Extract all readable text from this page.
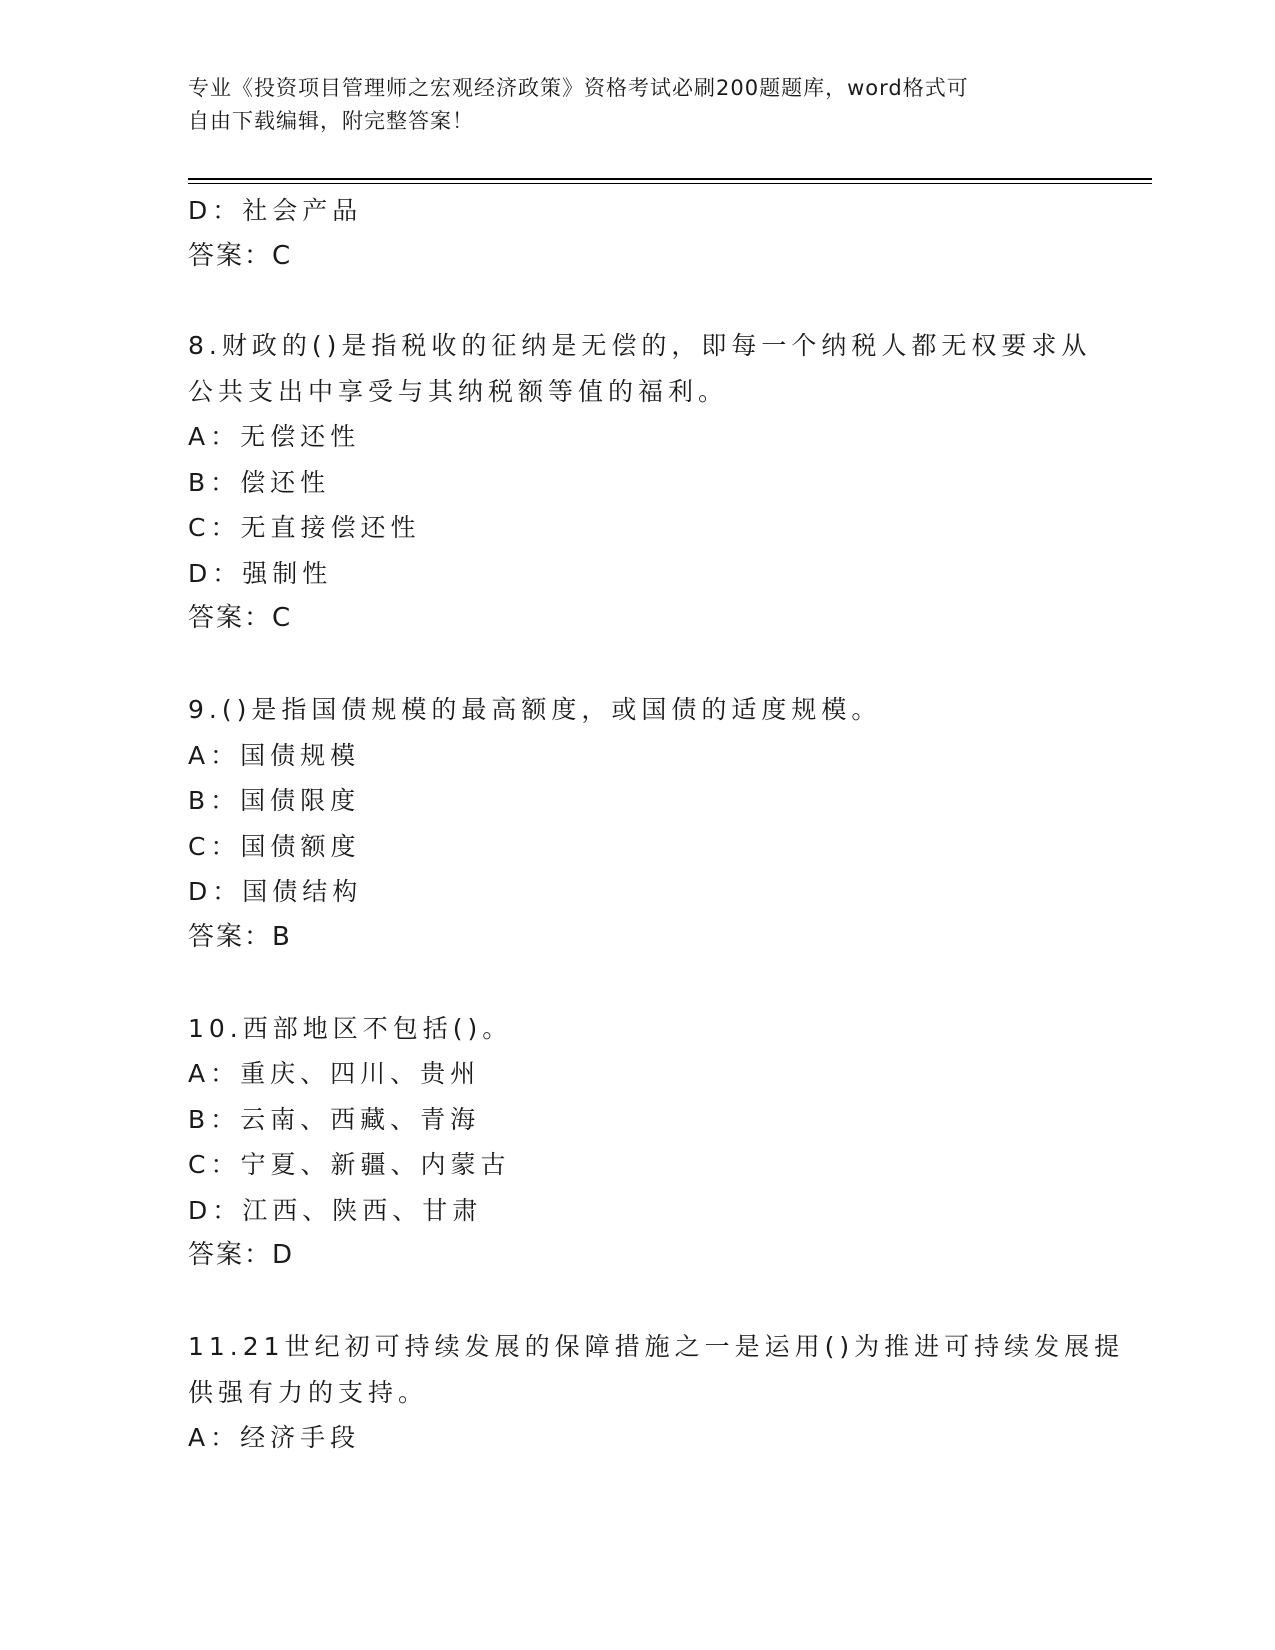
专业《投资项目管理师之宏观经济政策》资格考试必刷200题题库，word格式可
自由下载编辑，附完整答案！
D：社会产品
答案：C
8.财政的()是指税收的征纳是无偿的，即每一个纳税人都无权要求从
公共支出中享受与其纳税额等值的福利。
A：无偿还性
B：偿还性
C：无直接偿还性
D：强制性
答案：C
9.()是指国债规模的最高额度，或国债的适度规模。
A：国债规模
B：国债限度
C：国债额度
D：国债结构
答案：B
10.西部地区不包括()。
A：重庆、四川、贵州
B：云南、西藏、青海
C：宁夏、新疆、内蒙古
D：江西、陕西、甘肃
答案：D
11.21世纪初可持续发展的保障措施之一是运用()为推进可持续发展提
供强有力的支持。
A：经济手段
